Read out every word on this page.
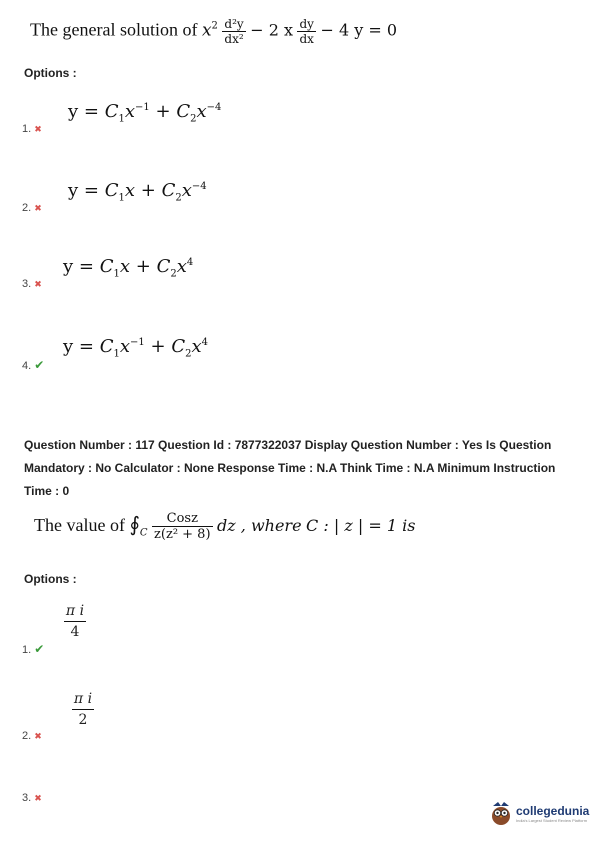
The general solution of $x^2 \frac{\text{d²y}}{\text{dx²}} - 2$ x $\frac{dy}{dx} - 4$ y = 0
Options :
1. ✖
$y = C_1x^{-1} + C_2x^{-4}$
2. ✖
$y = C_1x + C_2x^{-4}$
3. ✖
$y = C_1x + C_2x^4$
4. ✔
$y = C_1x^{-1} + C_2x^4$
Question Number : 117 Question Id : 7877322037 Display Question Number : Yes Is Question
Mandatory : No Calculator : None Response Time : N.A Think Time : N.A Minimum Instruction
Time : 0
The value of $∮_C \frac{\text{Cosz}}{\text{z(z² + 8)}}$ dz , where C : | z | = 1 is
Options :
1. ✔
$\frac{\text{π i}}{4}$
2. ✖
$\frac{\text{π i}}{2}$
3. ✖
collegedunia
India's Largest Student Review Platform
